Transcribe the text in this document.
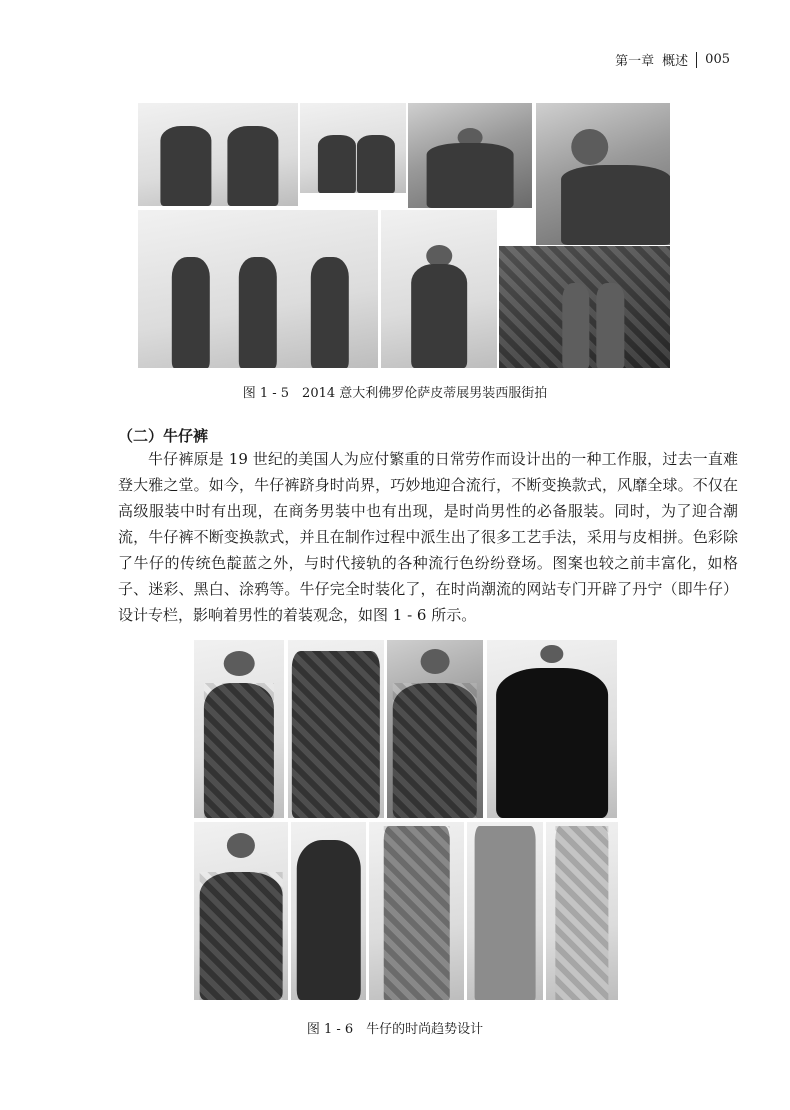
第一章 概述 005
图 1 - 5　2014 意大利佛罗伦萨皮蒂展男装西服街拍
（二）牛仔裤

牛仔裤原是 19 世纪的美国人为应付繁重的日常劳作而设计出的一种工作服，过去一直难登大雅之堂。如今，牛仔裤跻身时尚界，巧妙地迎合流行，不断变换款式，风靡全球。不仅在高级服装中时有出现，在商务男装中也有出现，是时尚男性的必备服装。同时，为了迎合潮流，牛仔裤不断变换款式，并且在制作过程中派生出了很多工艺手法，采用与皮相拼。色彩除了牛仔的传统色靛蓝之外，与时代接轨的各种流行色纷纷登场。图案也较之前丰富化，如格子、迷彩、黑白、涂鸦等。牛仔完全时装化了，在时尚潮流的网站专门开辟了丹宁（即牛仔）设计专栏，影响着男性的着装观念，如图 1 - 6 所示。

图 1 - 6　牛仔的时尚趋势设计
